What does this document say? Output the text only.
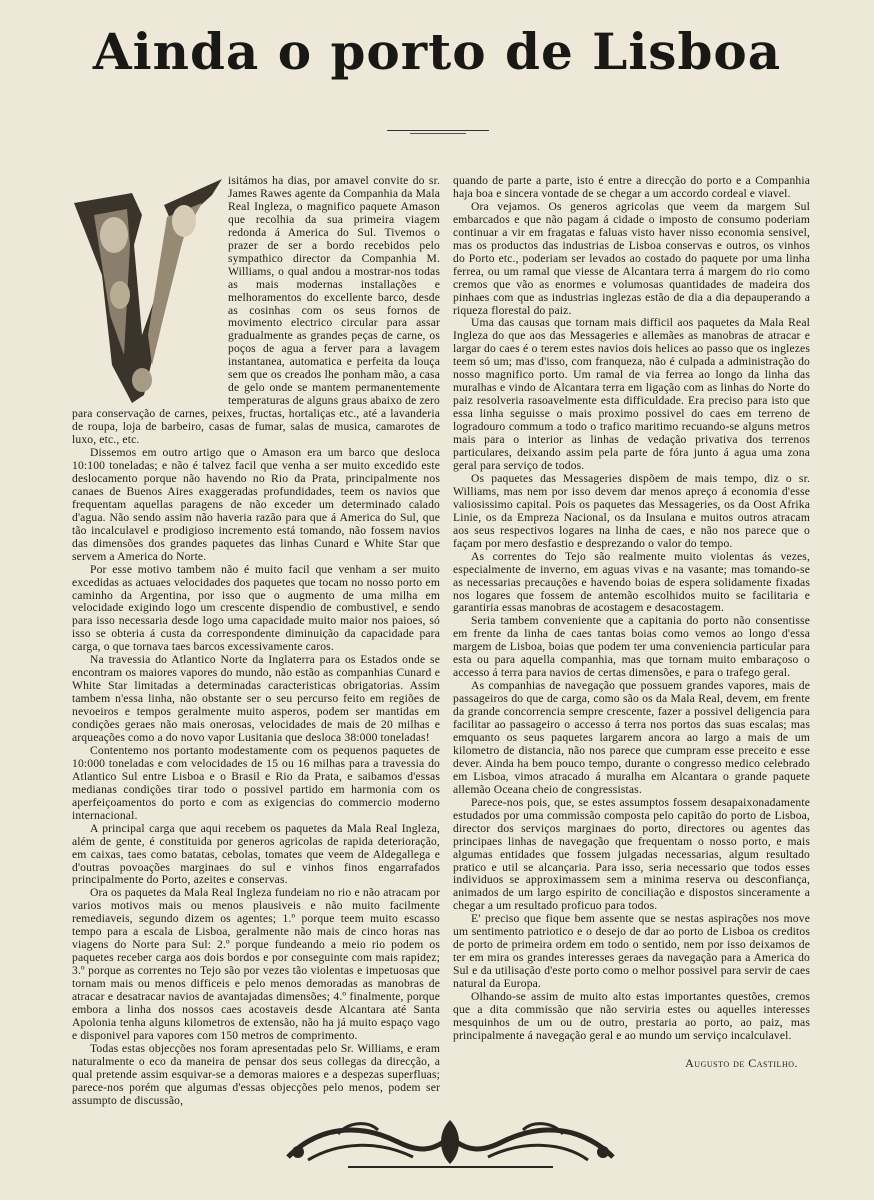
Ainda o porto de Lisboa

isitámos ha dias, por amavel convite do sr. James Rawes agente da Companhia da Mala Real Ingleza, o magnifico paquete Amason que recolhia da sua primeira viagem redonda á America do Sul. Tivemos o prazer de ser a bordo recebidos pelo sympathico director da Companhia M. Williams, o qual andou a mostrar-nos todas as mais modernas installações e melhoramentos do excellente barco, desde as cosinhas com os seus fornos de movimento electrico circular para assar gradualmente as grandes peças de carne, os poços de agua a ferver para a lavagem instantanea, automatica e perfeita da louça sem que os creados lhe ponham mão, a casa de gelo onde se mantem permanentemente temperaturas de alguns graus abaixo de zero para conservação de carnes, peixes, fructas, hortaliças etc., até a lavanderia de roupa, loja de barbeiro, casas de fumar, salas de musica, camarotes de luxo, etc., etc.

Dissemos em outro artigo que o Amason era um barco que desloca 10:100 toneladas; e não é talvez facil que venha a ser muito excedido este deslocamento porque não havendo no Rio da Prata, principalmente nos canaes de Buenos Aires exaggeradas profundidades, teem os navios que frequentam aquellas paragens de não exceder um determinado calado d'agua. Não sendo assim não haveria razão para que á America do Sul, que tão incalculavel e prodigioso incremento está tomando, não fossem navios das dimensões dos grandes paquetes das linhas Cunard e White Star que servem a America do Norte.

Por esse motivo tambem não é muito facil que venham a ser muito excedidas as actuaes velocidades dos paquetes que tocam no nosso porto em caminho da Argentina, por isso que o augmento de uma milha em velocidade exigindo logo um crescente dispendio de combustivel, e sendo para isso necessaria desde logo uma capacidade muito maior nos paioes, só isso se obteria á custa da correspondente diminuição da capacidade para carga, o que tornava taes barcos excessivamente caros.

Na travessia do Atlantico Norte da Inglaterra para os Estados onde se encontram os maiores vapores do mundo, não estão as companhias Cunard e White Star limitadas a determinadas caracteristicas obrigatorias. Assim tambem n'essa linha, não obstante ser o seu percurso feito em regiões de nevoeiros e tempos geralmente muito asperos, podem ser mantidas em condições geraes não mais onerosas, velocidades de mais de 20 milhas e arqueações como a do novo vapor Lusitania que desloca 38:000 toneladas!

Contentemo nos portanto modestamente com os pequenos paquetes de 10:000 toneladas e com velocidades de 15 ou 16 milhas para a travessia do Atlantico Sul entre Lisboa e o Brasil e Rio da Prata, e saibamos d'essas medianas condições tirar todo o possivel partido em harmonia com os aperfeiçoamentos do porto e com as exigencias do commercio moderno internacional.

A principal carga que aqui recebem os paquetes da Mala Real Ingleza, além de gente, é constituida por generos agricolas de rapida deterioração, em caixas, taes como batatas, cebolas, tomates que veem de Aldegallega e d'outras povoações marginaes do sul e vinhos finos engarrafados principalmente do Porto, azeites e conservas.

Ora os paquetes da Mala Real Ingleza fundeiam no rio e não atracam por varios motivos mais ou menos plausiveis e não muito facilmente remediaveis, segundo dizem os agentes; 1.º porque teem muito escasso tempo para a escala de Lisboa, geralmente não mais de cinco horas nas viagens do Norte para Sul: 2.º porque fundeando a meio rio podem os paquetes receber carga aos dois bordos e por conseguinte com mais rapidez; 3.º porque as correntes no Tejo são por vezes tão violentas e impetuosas que tornam mais ou menos difficeis e pelo menos demoradas as manobras de atracar e desatracar navios de avantajadas dimensões; 4.º finalmente, porque embora a linha dos nossos caes acostaveis desde Alcantara até Santa Apolonia tenha alguns kilometros de extensão, não ha já muito espaço vago e disponivel para vapores com 150 metros de comprimento.

Todas estas objecções nos foram apresentadas pelo Sr. Williams, e eram naturalmente o eco da maneira de pensar dos seus collegas da direcção, a qual pretende assim esquivar-se a demoras maiores e a despezas superfluas; parece-nos porém que algumas d'essas objecções pelo menos, podem ser assumpto de discussão,

quando de parte a parte, isto é entre a direcção do porto e a Companhia haja boa e sincera vontade de se chegar a um accordo cordeal e viavel.

Ora vejamos. Os generos agricolas que veem da margem Sul embarcados e que não pagam á cidade o imposto de consumo poderiam continuar a vir em fragatas e faluas visto haver nisso economia sensivel, mas os productos das industrias de Lisboa conservas e outros, os vinhos do Porto etc., poderiam ser levados ao costado do paquete por uma linha ferrea, ou um ramal que viesse de Alcantara terra á margem do rio como cremos que vão as enormes e volumosas quantidades de madeira dos pinhaes com que as industrias inglezas estão de dia a dia depauperando a riqueza florestal do paiz.

Uma das causas que tornam mais difficil aos paquetes da Mala Real Ingleza do que aos das Messageries e allemães as manobras de atracar e largar do caes é o terem estes navios dois helices ao passo que os inglezes teem só um; mas d'isso, com franqueza, não é culpada a administração do nosso magnifico porto. Um ramal de via ferrea ao longo da linha das muralhas e vindo de Alcantara terra em ligação com as linhas do Norte do paiz resolveria rasoavelmente esta difficuldade. Era preciso para isto que essa linha seguisse o mais proximo possivel do caes em terreno de logradouro commum a todo o trafico maritimo recuando-se alguns metros mais para o interior as linhas de vedação privativa dos terrenos particulares, deixando assim pela parte de fóra junto á agua uma zona geral para serviço de todos.

Os paquetes das Messageries dispõem de mais tempo, diz o sr. Williams, mas nem por isso devem dar menos apreço á economia d'esse valiosissimo capital. Pois os paquetes das Messageries, os da Oost Afrika Linie, os da Empreza Nacional, os da Insulana e muitos outros atracam aos seus respectivos logares na linha de caes, e não nos parece que o façam por mero desfastio e desprezando o valor do tempo.

As correntes do Tejo são realmente muito violentas ás vezes, especialmente de inverno, em aguas vivas e na vasante; mas tomando-se as necessarias precauções e havendo boias de espera solidamente fixadas nos logares que fossem de antemão escolhidos muito se facilitaria e garantiria essas manobras de acostagem e desacostagem.

Seria tambem conveniente que a capitania do porto não consentisse em frente da linha de caes tantas boias como vemos ao longo d'essa margem de Lisboa, boias que podem ter uma conveniencia particular para esta ou para aquella companhia, mas que tornam muito embaraçoso o accesso á terra para navios de certas dimensões, e para o trafego geral.

As companhias de navegação que possuem grandes vapores, mais de passageiros do que de carga, como são os da Mala Real, devem, em frente da grande concorrencia sempre crescente, fazer a possivel deligencia para facilitar ao passageiro o accesso á terra nos portos das suas escalas; mas emquanto os seus paquetes largarem ancora ao largo a mais de um kilometro de distancia, não nos parece que cumpram esse preceito e esse dever. Ainda ha bem pouco tempo, durante o congresso medico celebrado em Lisboa, vimos atracado á muralha em Alcantara o grande paquete allemão Oceana cheio de congressistas.

Parece-nos pois, que, se estes assumptos fossem desapaixonadamente estudados por uma commissão composta pelo capitão do porto de Lisboa, director dos serviços marginaes do porto, directores ou agentes das principaes linhas de navegação que frequentam o nosso porto, e mais algumas entidades que fossem julgadas necessarias, algum resultado pratico e util se alcançaria. Para isso, seria necessario que todos esses individuos se approximassem sem a minima reserva ou desconfiança, animados de um largo espirito de conciliação e dispostos sinceramente a chegar a um resultado proficuo para todos.

E' preciso que fique bem assente que se nestas aspirações nos move um sentimento patriotico e o desejo de dar ao porto de Lisboa os creditos de porto de primeira ordem em todo o sentido, nem por isso deixamos de ter em mira os grandes interesses geraes da navegação para a America do Sul e da utilisação d'este porto como o melhor possivel para servir de caes natural da Europa.

Olhando-se assim de muito alto estas importantes questões, cremos que a dita commissão que não serviria estes ou aquelles interesses mesquinhos de um ou de outro, prestaria ao porto, ao paiz, mas principalmente á navegação geral e ao mundo um serviço incalculavel.

Augusto de Castilho.
